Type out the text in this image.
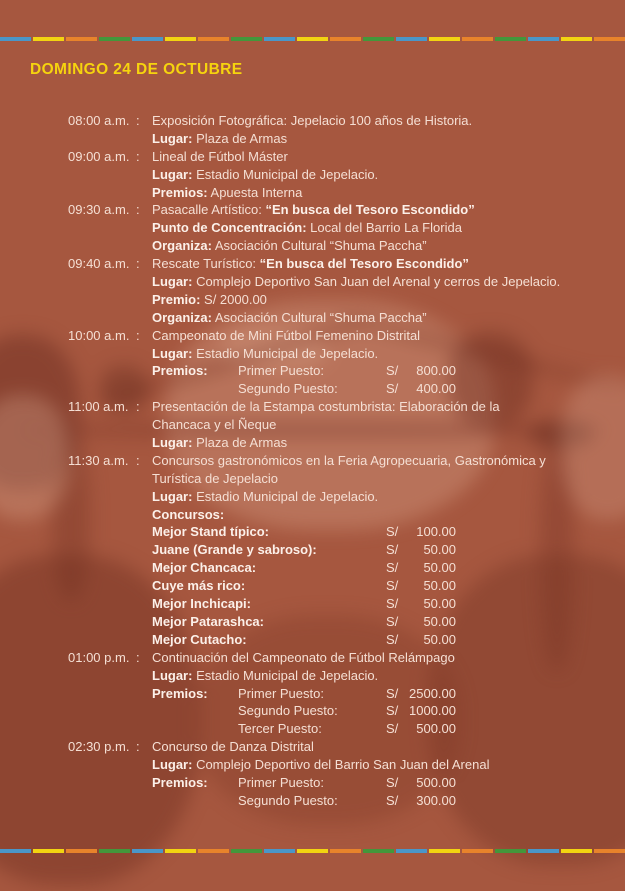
DOMINGO 24 DE OCTUBRE
08:00 a.m. : Exposición Fotográfica: Jepelacio 100 años de Historia.
Lugar: Plaza de Armas
09:00 a.m. : Lineal de Fútbol Máster
Lugar: Estadio Municipal de Jepelacio.
Premios: Apuesta Interna
09:30 a.m. : Pasacalle Artístico: “En busca del Tesoro Escondido”
Punto de Concentración: Local del Barrio La Florida
Organiza: Asociación Cultural “Shuma Paccha”
09:40 a.m. : Rescate Turístico: “En busca del Tesoro Escondido”
Lugar: Complejo Deportivo San Juan del Arenal y cerros de Jepelacio.
Premio: S/ 2000.00
Organiza: Asociación Cultural “Shuma Paccha”
10:00 a.m. : Campeonato de Mini Fútbol Femenino Distrital
Lugar: Estadio Municipal de Jepelacio.
Premios: Primer Puesto:	S/	800.00
Segundo Puesto:	S/	400.00
11:00 a.m. : Presentación de la Estampa costumbrista: Elaboración de la
Chancaca y el Ñeque
Lugar: Plaza de Armas
11:30 a.m. : Concursos gastronómicos en la Feria Agropecuaria, Gastronómica y
Turística de Jepelacio
Lugar: Estadio Municipal de Jepelacio.
Concursos:
Mejor Stand típico:	S/	100.00
Juane (Grande y sabroso):	S/	50.00
Mejor Chancaca:	S/	50.00
Cuye más rico:	S/	50.00
Mejor Inchicapi:	S/	50.00
Mejor Patarashca:	S/	50.00
Mejor Cutacho:	S/	50.00
01:00 p.m. : Continuación del Campeonato de Fútbol Relámpago
Lugar: Estadio Municipal de Jepelacio.
Premios: Primer Puesto:	S/ 2500.00
Segundo Puesto:	S/ 1000.00
Tercer Puesto:	S/	500.00
02:30 p.m. : Concurso de Danza Distrital
Lugar: Complejo Deportivo del Barrio San Juan del Arenal
Premios: Primer Puesto:	S/	500.00
Segundo Puesto:	S/	300.00
